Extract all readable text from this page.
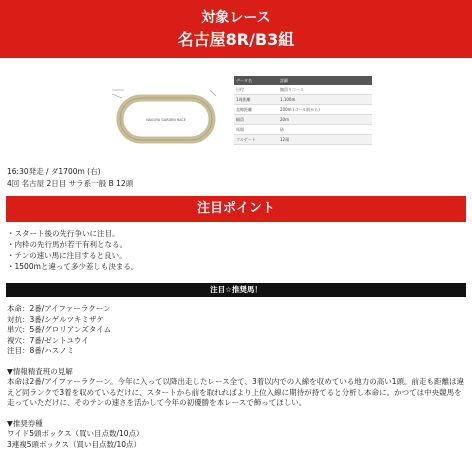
対象レース
名古屋8R/B3組
NAGOYA GARDEN RACE
データ名	詳細
日付	無回りコース
1周距離	1,100m
直線距離	200m (ゴール前から)
幅員	20m
馬場	砂
フルゲート	12頭
16:30発走 / ダ1700m (右)
4回 名古屋 2日目 サラ系一般 B 12頭
注目ポイント
・スタート後の先行争いに注目。
・内枠の先行馬が若干有利となる。
・テンの速い馬に注目すると良い。
・1500mと違って多少差しも決まる。
注目☆推奨馬！
本命：2番/アイファーラクーン
対抗：3番/シゲルツキミザケ
単穴：5番/グロリアンズタイム
複穴：7番/ゼントユウイ
注目：8番/ハスノミ
▼情報精査班の見解
本命は2番/アイファーラクーン。今年に入って以降出走したレース全て、3着以内での入線を収めている地力の高い1頭。前走も距離は違えど同ランクで3着を収めているだけに、スタートから前を取れればより上位入線に期待が持てると分析し本命に。かつては中央競馬を走っていただけに、そのテンの速さを活かして今年の初優勝を本レースで飾ってほしい。
▼推奨券種
ワイド5頭ボックス（買い目点数/10点）
3連複5頭ボックス（買い目点数/10点）
